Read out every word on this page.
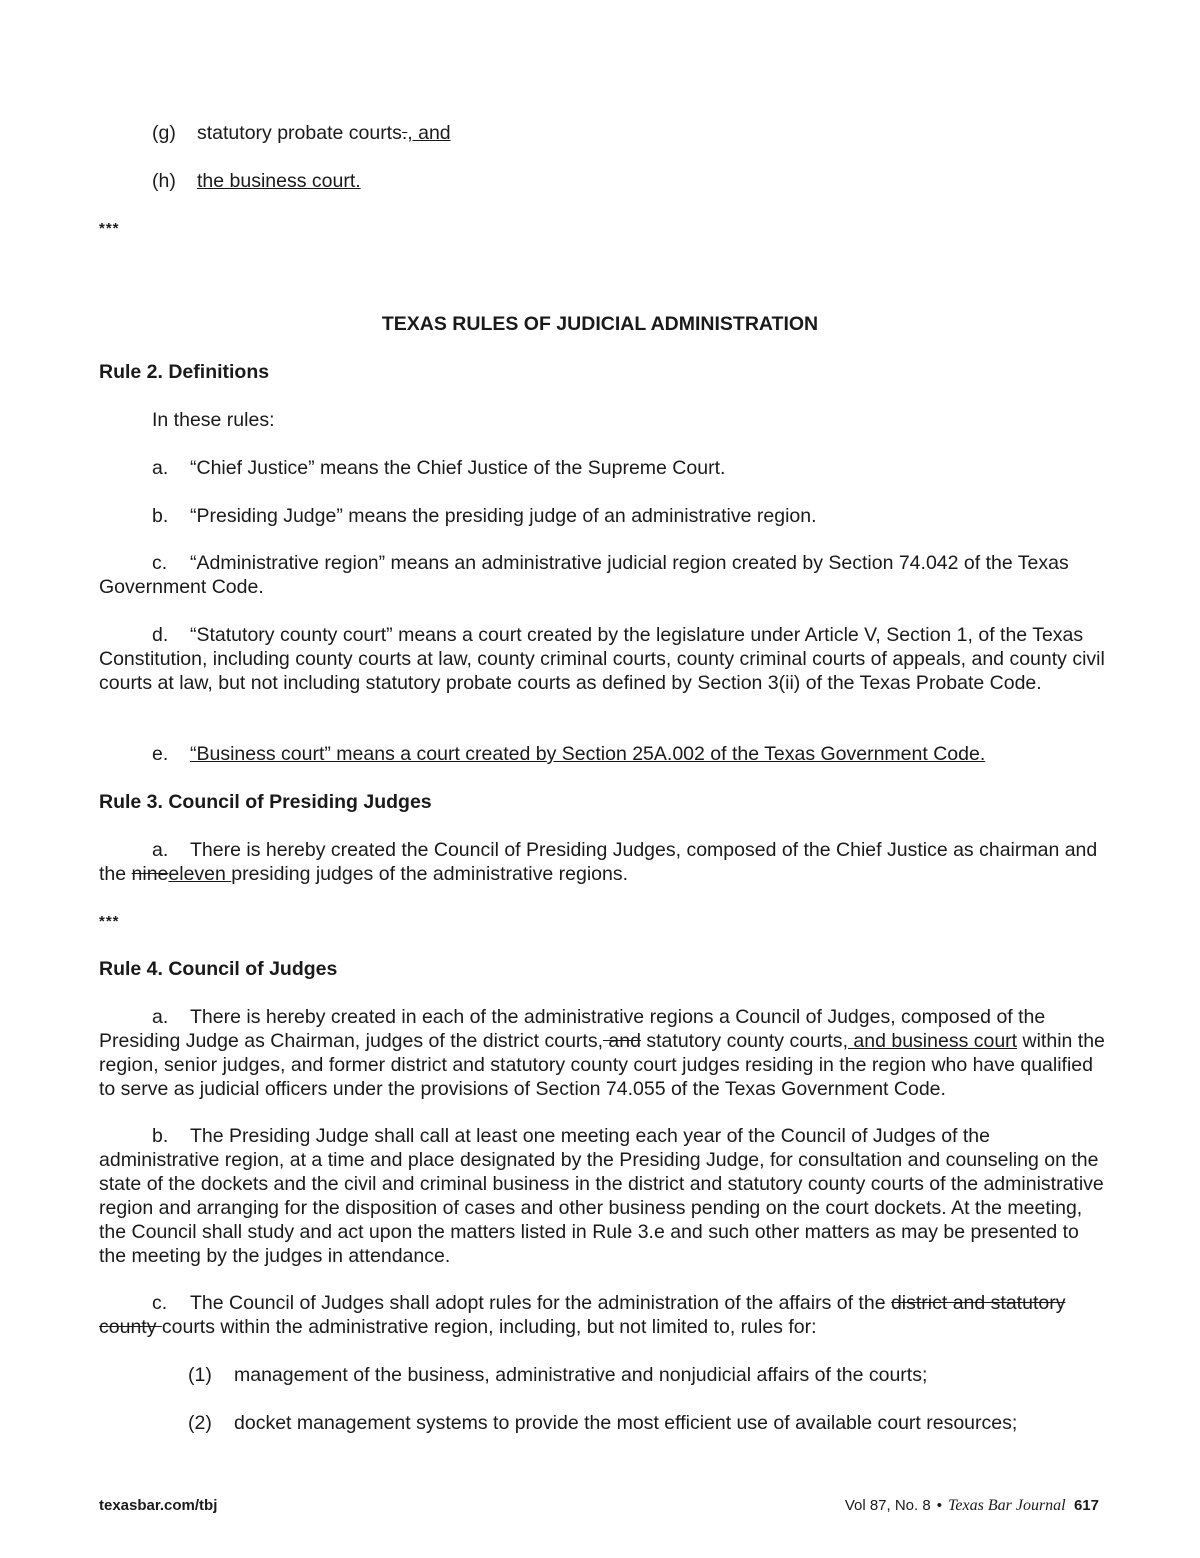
(g) statutory probate courts., and
(h) the business court.
***
TEXAS RULES OF JUDICIAL ADMINISTRATION
Rule 2. Definitions
In these rules:
a. “Chief Justice” means the Chief Justice of the Supreme Court.
b. “Presiding Judge” means the presiding judge of an administrative region.
c. “Administrative region” means an administrative judicial region created by Section 74.042 of the Texas Government Code.
d. “Statutory county court” means a court created by the legislature under Article V, Section 1, of the Texas Constitution, including county courts at law, county criminal courts, county criminal courts of appeals, and county civil courts at law, but not including statutory probate courts as defined by Section 3(ii) of the Texas Probate Code.
e. “Business court” means a court created by Section 25A.002 of the Texas Government Code.
Rule 3. Council of Presiding Judges
a. There is hereby created the Council of Presiding Judges, composed of the Chief Justice as chairman and the nineeleven presiding judges of the administrative regions.
***
Rule 4. Council of Judges
a. There is hereby created in each of the administrative regions a Council of Judges, composed of the Presiding Judge as Chairman, judges of the district courts, and statutory county courts, and business court within the region, senior judges, and former district and statutory county court judges residing in the region who have qualified to serve as judicial officers under the provisions of Section 74.055 of the Texas Government Code.
b. The Presiding Judge shall call at least one meeting each year of the Council of Judges of the administrative region, at a time and place designated by the Presiding Judge, for consultation and counseling on the state of the dockets and the civil and criminal business in the district and statutory county courts of the administrative region and arranging for the disposition of cases and other business pending on the court dockets. At the meeting, the Council shall study and act upon the matters listed in Rule 3.e and such other matters as may be presented to the meeting by the judges in attendance.
c. The Council of Judges shall adopt rules for the administration of the affairs of the district and statutory county courts within the administrative region, including, but not limited to, rules for:
(1) management of the business, administrative and nonjudicial affairs of the courts;
(2) docket management systems to provide the most efficient use of available court resources;
texasbar.com/tbj	Vol 87, No. 8 • Texas Bar Journal 617
